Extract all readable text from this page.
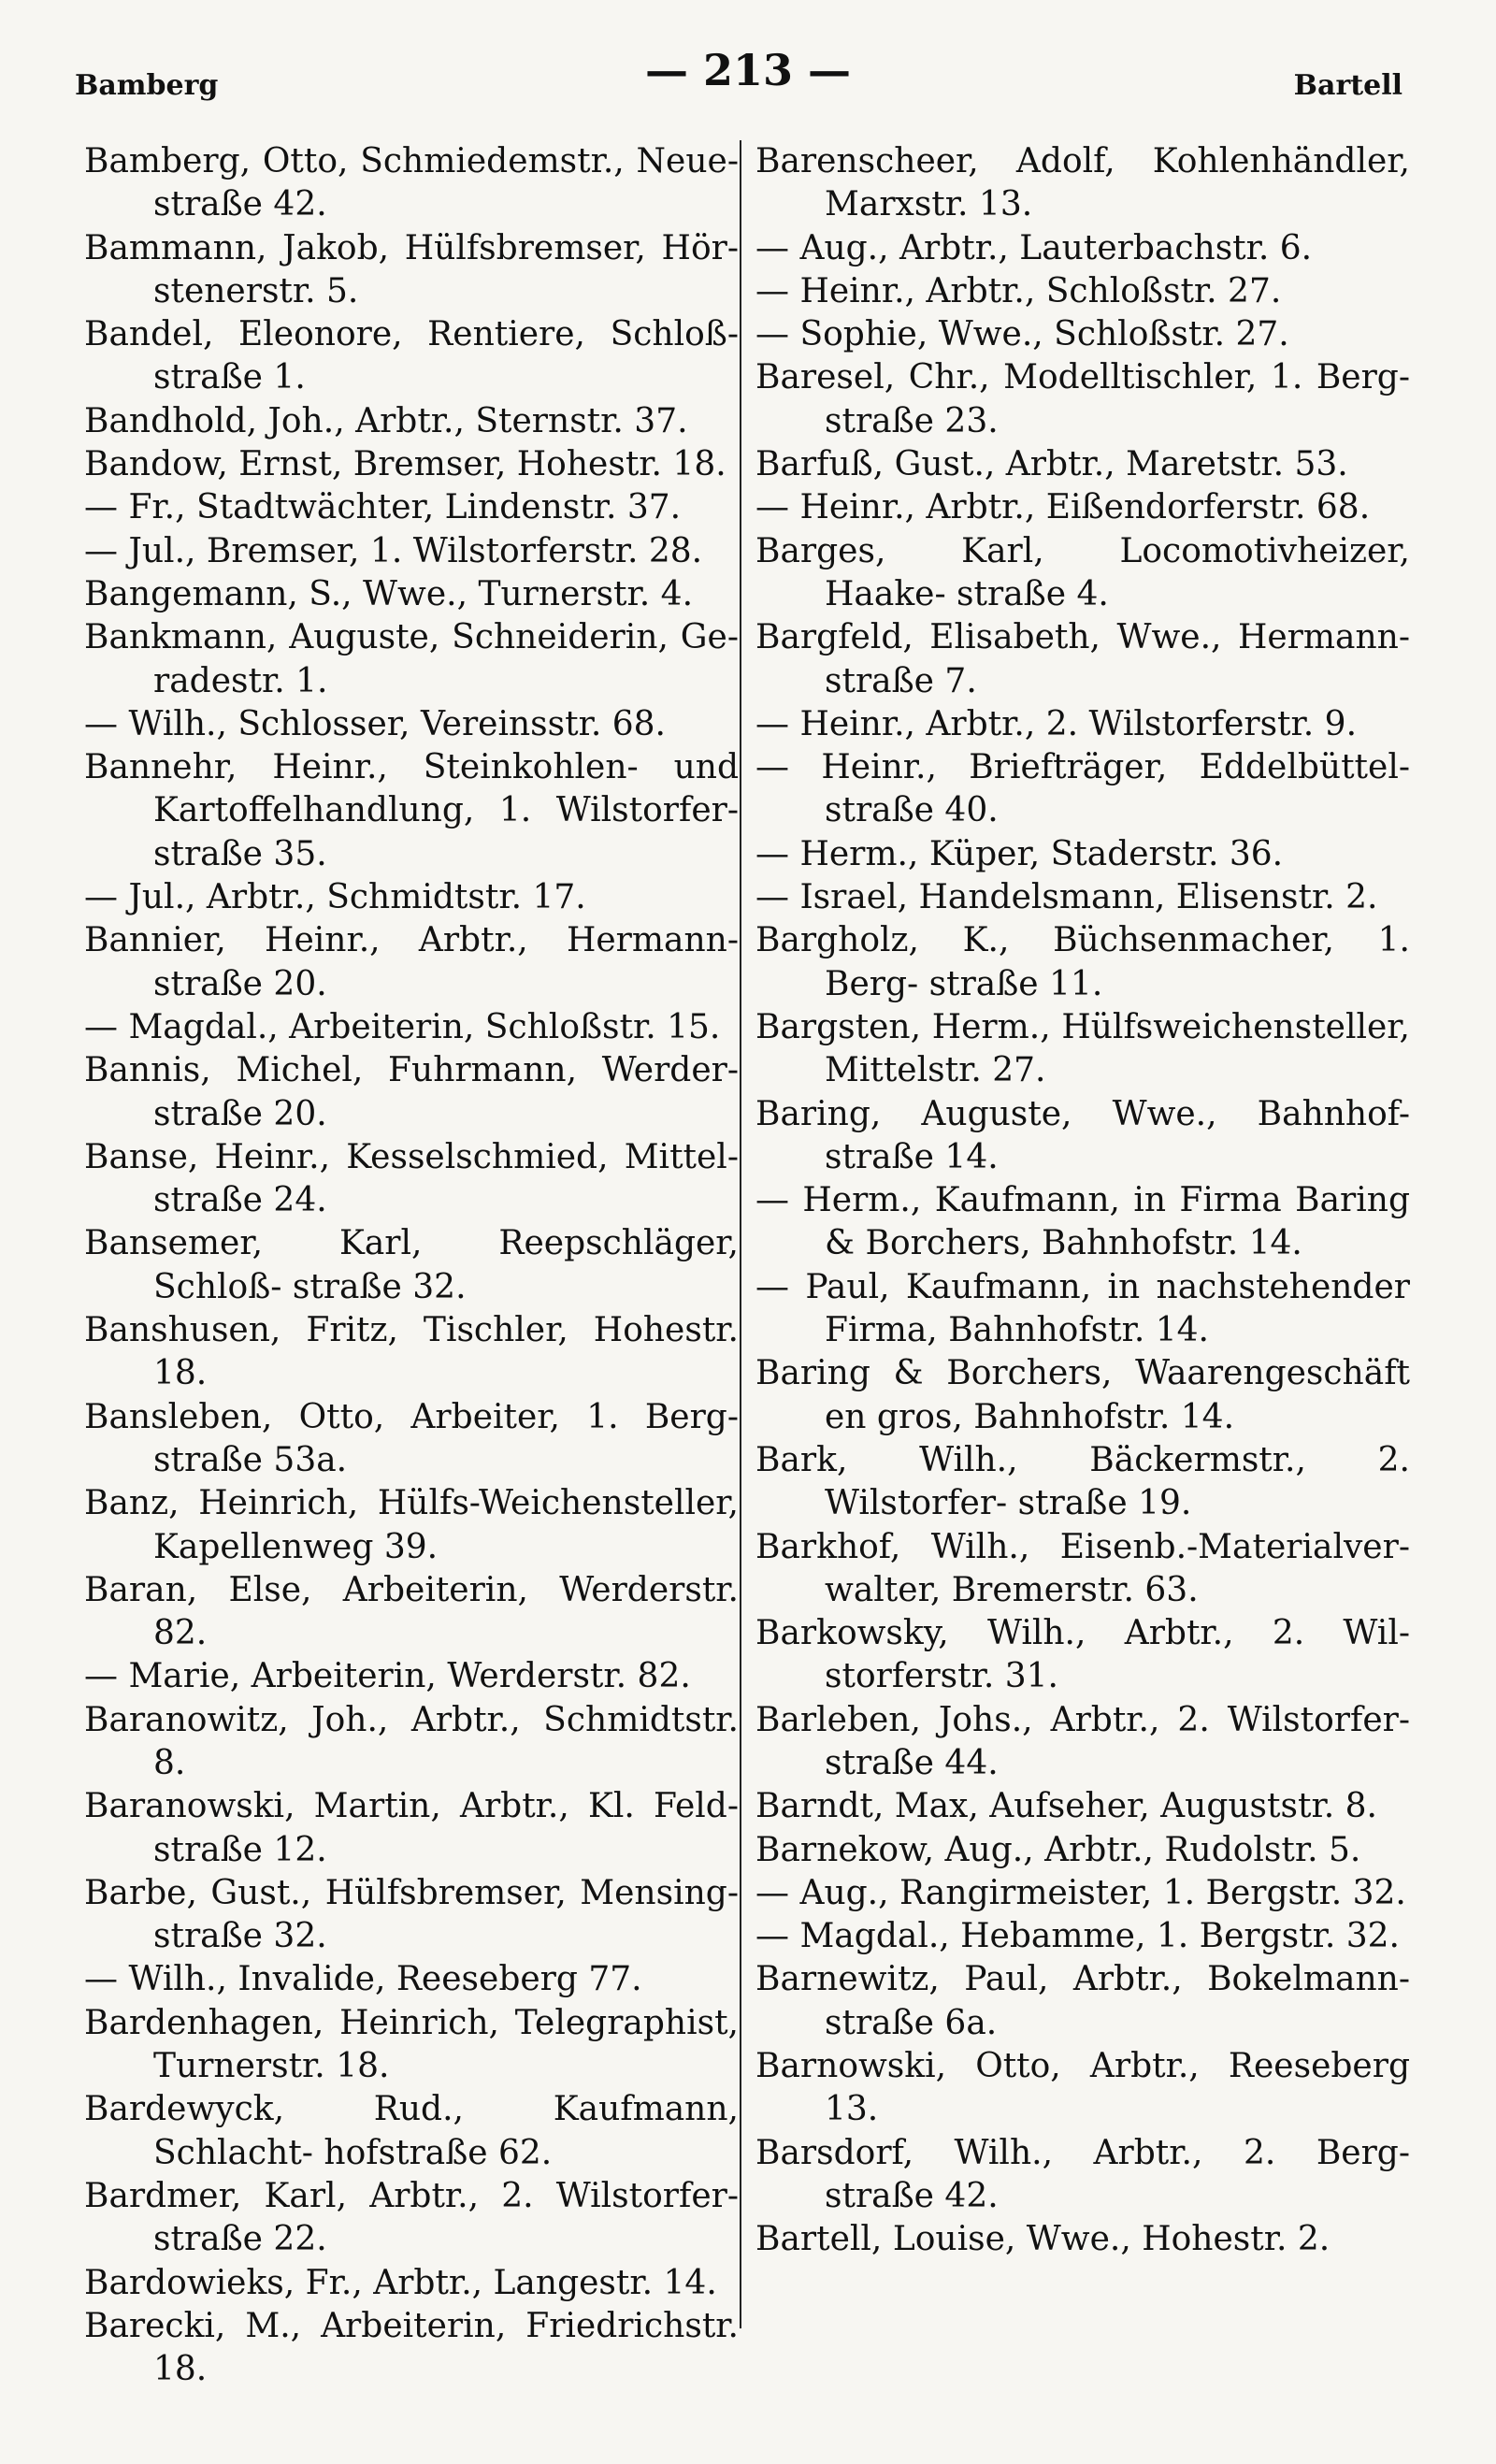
Bamberg	— 213 —	Bartell
Bamberg, Otto, Schmiedemstr., Neue- straße 42.
Bammann, Jakob, Hülfsbremser, Hör- stenerstr. 5.
Bandel, Eleonore, Rentiere, Schloß- straße 1.
Bandhold, Joh., Arbtr., Sternstr. 37.
Bandow, Ernst, Bremser, Hohestr. 18.
— Fr., Stadtwächter, Lindenstr. 37.
— Jul., Bremser, 1. Wilstorferstr. 28.
Bangemann, S., Wwe., Turnerstr. 4.
Bankmann, Auguste, Schneiderin, Ge- radestr. 1.
— Wilh., Schlosser, Vereinsstr. 68.
Bannehr, Heinr., Steinkohlen- und Kartoffelhandlung, 1. Wilstorfer- straße 35.
— Jul., Arbtr., Schmidtstr. 17.
Bannier, Heinr., Arbtr., Hermann- straße 20.
— Magdal., Arbeiterin, Schloßstr. 15.
Bannis, Michel, Fuhrmann, Werder- straße 20.
Banse, Heinr., Kesselschmied, Mittel- straße 24.
Bansemer, Karl, Reepschläger, Schloß- straße 32.
Banshusen, Fritz, Tischler, Hohestr. 18.
Bansleben, Otto, Arbeiter, 1. Berg- straße 53a.
Banz, Heinrich, Hülfs-Weichensteller, Kapellenweg 39.
Baran, Else, Arbeiterin, Werderstr. 82.
— Marie, Arbeiterin, Werderstr. 82.
Baranowitz, Joh., Arbtr., Schmidtstr. 8.
Baranowski, Martin, Arbtr., Kl. Feld- straße 12.
Barbe, Gust., Hülfsbremser, Mensing- straße 32.
— Wilh., Invalide, Reeseberg 77.
Bardenhagen, Heinrich, Telegraphist, Turnerstr. 18.
Bardewyck, Rud., Kaufmann, Schlacht- hofstraße 62.
Bardmer, Karl, Arbtr., 2. Wilstorfer- straße 22.
Bardowieks, Fr., Arbtr., Langestr. 14.
Barecki, M., Arbeiterin, Friedrichstr. 18.
Barenscheer, Adolf, Kohlenhändler, Marxstr. 13.
— Aug., Arbtr., Lauterbachstr. 6.
— Heinr., Arbtr., Schloßstr. 27.
— Sophie, Wwe., Schloßstr. 27.
Baresel, Chr., Modelltischler, 1. Berg- straße 23.
Barfuß, Gust., Arbtr., Maretstr. 53.
— Heinr., Arbtr., Eißendorferstr. 68.
Barges, Karl, Locomotivheizer, Haake- straße 4.
Bargfeld, Elisabeth, Wwe., Hermann- straße 7.
— Heinr., Arbtr., 2. Wilstorferstr. 9.
— Heinr., Briefträger, Eddelbüttel- straße 40.
— Herm., Küper, Staderstr. 36.
— Israel, Handelsmann, Elisenstr. 2.
Bargholz, K., Büchsenmacher, 1. Berg- straße 11.
Bargsten, Herm., Hülfsweichensteller, Mittelstr. 27.
Baring, Auguste, Wwe., Bahnhof- straße 14.
— Herm., Kaufmann, in Firma Baring & Borchers, Bahnhofstr. 14.
— Paul, Kaufmann, in nachstehender Firma, Bahnhofstr. 14.
Baring & Borchers, Waarengeschäft en gros, Bahnhofstr. 14.
Bark, Wilh., Bäckermstr., 2. Wilstorfer- straße 19.
Barkhof, Wilh., Eisenb.-Materialver- walter, Bremerstr. 63.
Barkowsky, Wilh., Arbtr., 2. Wil- storferstr. 31.
Barleben, Johs., Arbtr., 2. Wilstorfer- straße 44.
Barndt, Max, Aufseher, Auguststr. 8.
Barnekow, Aug., Arbtr., Rudolstr. 5.
— Aug., Rangirmeister, 1. Bergstr. 32.
— Magdal., Hebamme, 1. Bergstr. 32.
Barnewitz, Paul, Arbtr., Bokelmann- straße 6a.
Barnowski, Otto, Arbtr., Reeseberg 13.
Barsdorf, Wilh., Arbtr., 2. Berg- straße 42.
Bartell, Louise, Wwe., Hohestr. 2.
